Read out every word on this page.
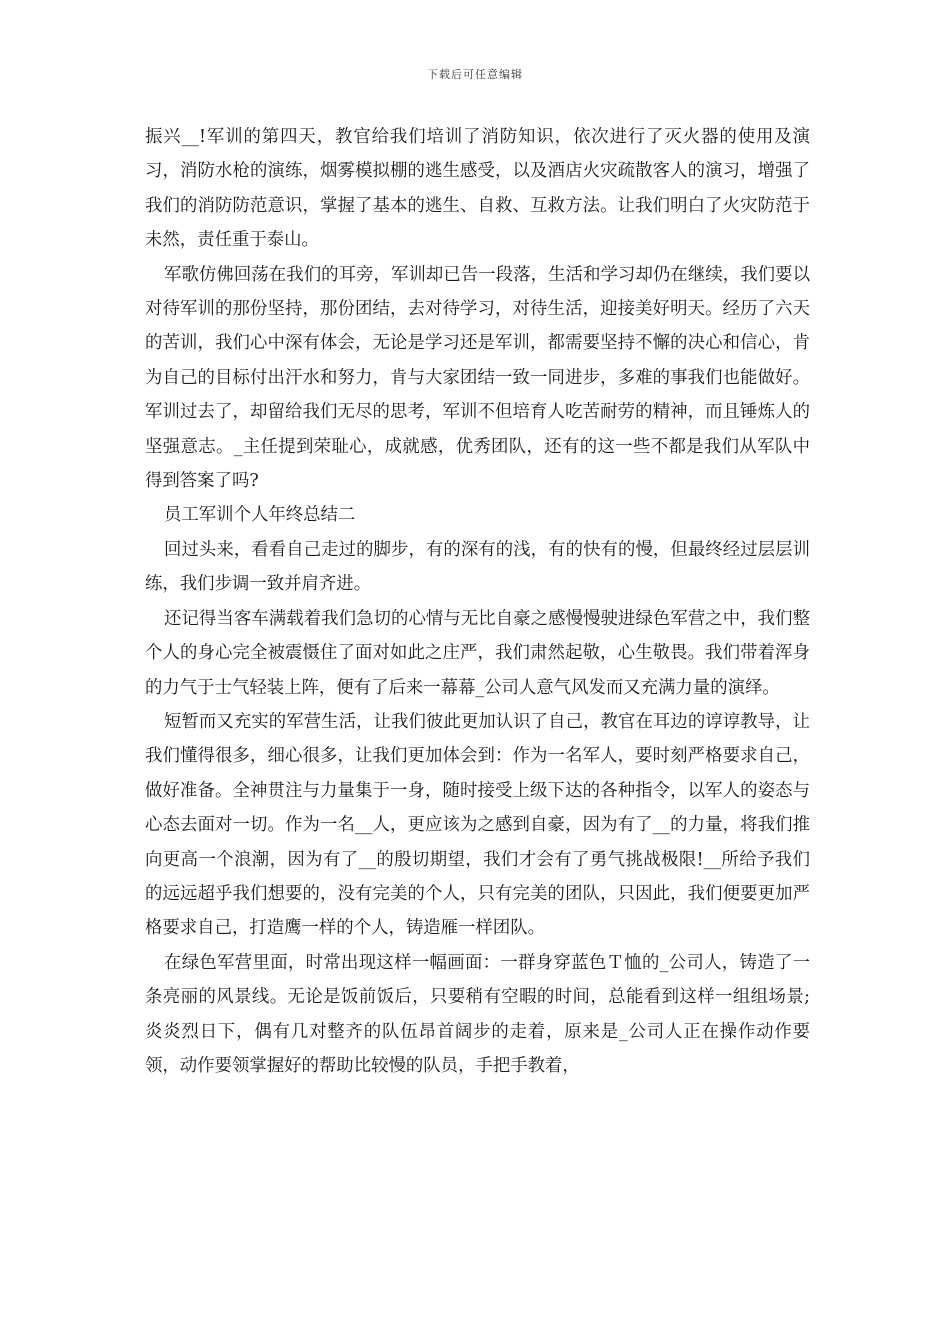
下载后可任意编辑

振兴__!军训的第四天，教官给我们培训了消防知识，依次进行了灭火器的使用及演习，消防水枪的演练，烟雾模拟棚的逃生感受，以及酒店火灾疏散客人的演习，增强了我们的消防防范意识，掌握了基本的逃生、自救、互救方法。让我们明白了火灾防范于未然，责任重于泰山。

军歌仿佛回荡在我们的耳旁，军训却已告一段落，生活和学习却仍在继续，我们要以对待军训的那份坚持，那份团结，去对待学习，对待生活，迎接美好明天。经历了六天的苦训，我们心中深有体会，无论是学习还是军训，都需要坚持不懈的决心和信心，肯为自己的目标付出汗水和努力，肯与大家团结一致一同进步，多难的事我们也能做好。军训过去了，却留给我们无尽的思考，军训不但培育人吃苦耐劳的精神，而且锤炼人的坚强意志。_主任提到荣耻心，成就感，优秀团队，还有的这一些不都是我们从军队中得到答案了吗?

员工军训个人年终总结二

回过头来，看看自己走过的脚步，有的深有的浅，有的快有的慢，但最终经过层层训练，我们步调一致并肩齐进。

还记得当客车满载着我们急切的心情与无比自豪之感慢慢驶进绿色军营之中，我们整个人的身心完全被震慑住了面对如此之庄严，我们肃然起敬，心生敬畏。我们带着浑身的力气于士气轻装上阵，便有了后来一幕幕_公司人意气风发而又充满力量的演绎。

短暂而又充实的军营生活，让我们彼此更加认识了自己，教官在耳边的谆谆教导，让我们懂得很多，细心很多，让我们更加体会到：作为一名军人，要时刻严格要求自己，做好准备。全神贯注与力量集于一身，随时接受上级下达的各种指令，以军人的姿态与心态去面对一切。作为一名__人，更应该为之感到自豪，因为有了__的力量，将我们推向更高一个浪潮，因为有了__的殷切期望，我们才会有了勇气挑战极限!__所给予我们的远远超乎我们想要的，没有完美的个人，只有完美的团队，只因此，我们便要更加严格要求自己，打造鹰一样的个人，铸造雁一样团队。

在绿色军营里面，时常出现这样一幅画面：一群身穿蓝色Ｔ恤的_公司人，铸造了一条亮丽的风景线。无论是饭前饭后，只要稍有空暇的时间，总能看到这样一组组场景;炎炎烈日下，偶有几对整齐的队伍昂首阔步的走着，原来是_公司人正在操作动作要领，动作要领掌握好的帮助比较慢的队员，手把手教着，
